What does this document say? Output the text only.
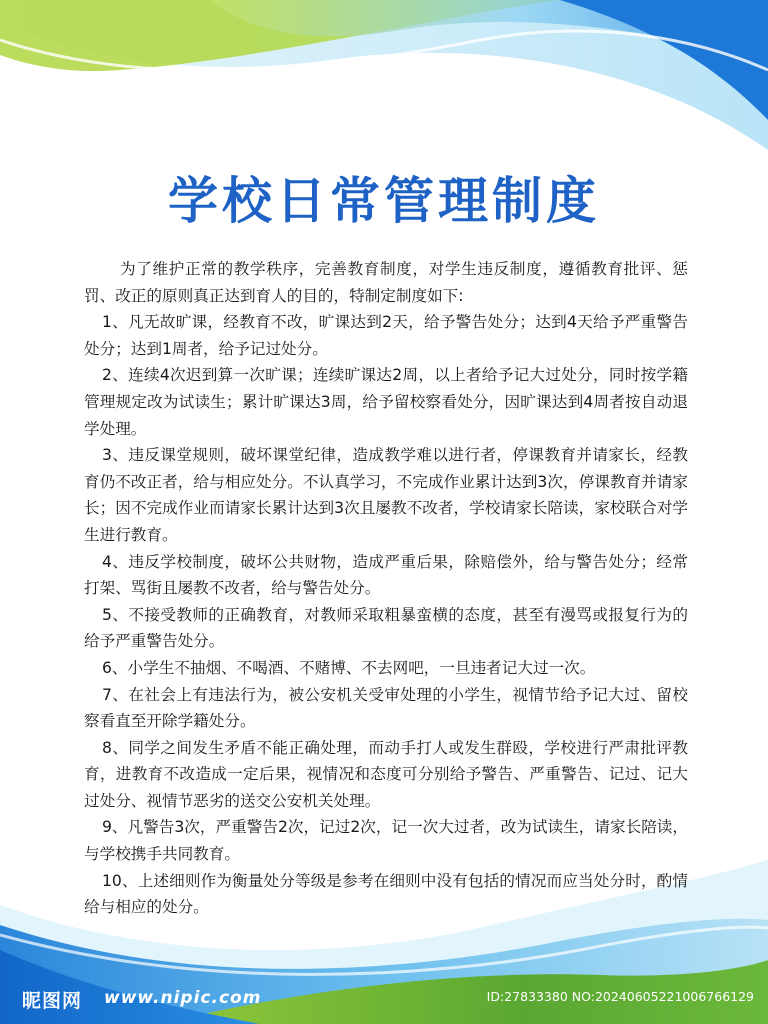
学校日常管理制度

为了维护正常的教学秩序，完善教育制度，对学生违反制度，遵循教育批评、惩罚、改正的原则真正达到育人的目的，特制定制度如下:

1、凡无故旷课，经教育不改，旷课达到2天，给予警告处分；达到4天给予严重警告处分；达到1周者，给予记过处分。

2、连续4次迟到算一次旷课；连续旷课达2周，以上者给予记大过处分，同时按学籍管理规定改为试读生；累计旷课达3周，给予留校察看处分，因旷课达到4周者按自动退学处理。

3、违反课堂规则，破坏课堂纪律，造成教学难以进行者，停课教育并请家长，经教育仍不改正者，给与相应处分。不认真学习，不完成作业累计达到3次，停课教育并请家长；因不完成作业而请家长累计达到3次且屡教不改者，学校请家长陪读，家校联合对学生进行教育。

4、违反学校制度，破坏公共财物，造成严重后果，除赔偿外，给与警告处分；经常打架、骂街且屡教不改者，给与警告处分。

5、不接受教师的正确教育，对教师采取粗暴蛮横的态度，甚至有漫骂或报复行为的给予严重警告处分。

6、小学生不抽烟、不喝酒、不赌博、不去网吧，一旦违者记大过一次。

7、在社会上有违法行为，被公安机关受审处理的小学生，视情节给予记大过、留校察看直至开除学籍处分。

8、同学之间发生矛盾不能正确处理，而动手打人或发生群殴，学校进行严肃批评教育，进教育不改造成一定后果，视情况和态度可分别给予警告、严重警告、记过、记大过处分、视情节恶劣的送交公安机关处理。

9、凡警告3次，严重警告2次，记过2次，记一次大过者，改为试读生，请家长陪读，与学校携手共同教育。

10、上述细则作为衡量处分等级是参考在细则中没有包括的情况而应当处分时，酌情给与相应的处分。

昵图网 www.nipic.com	ID:27833380 NO:20240605221006766129
